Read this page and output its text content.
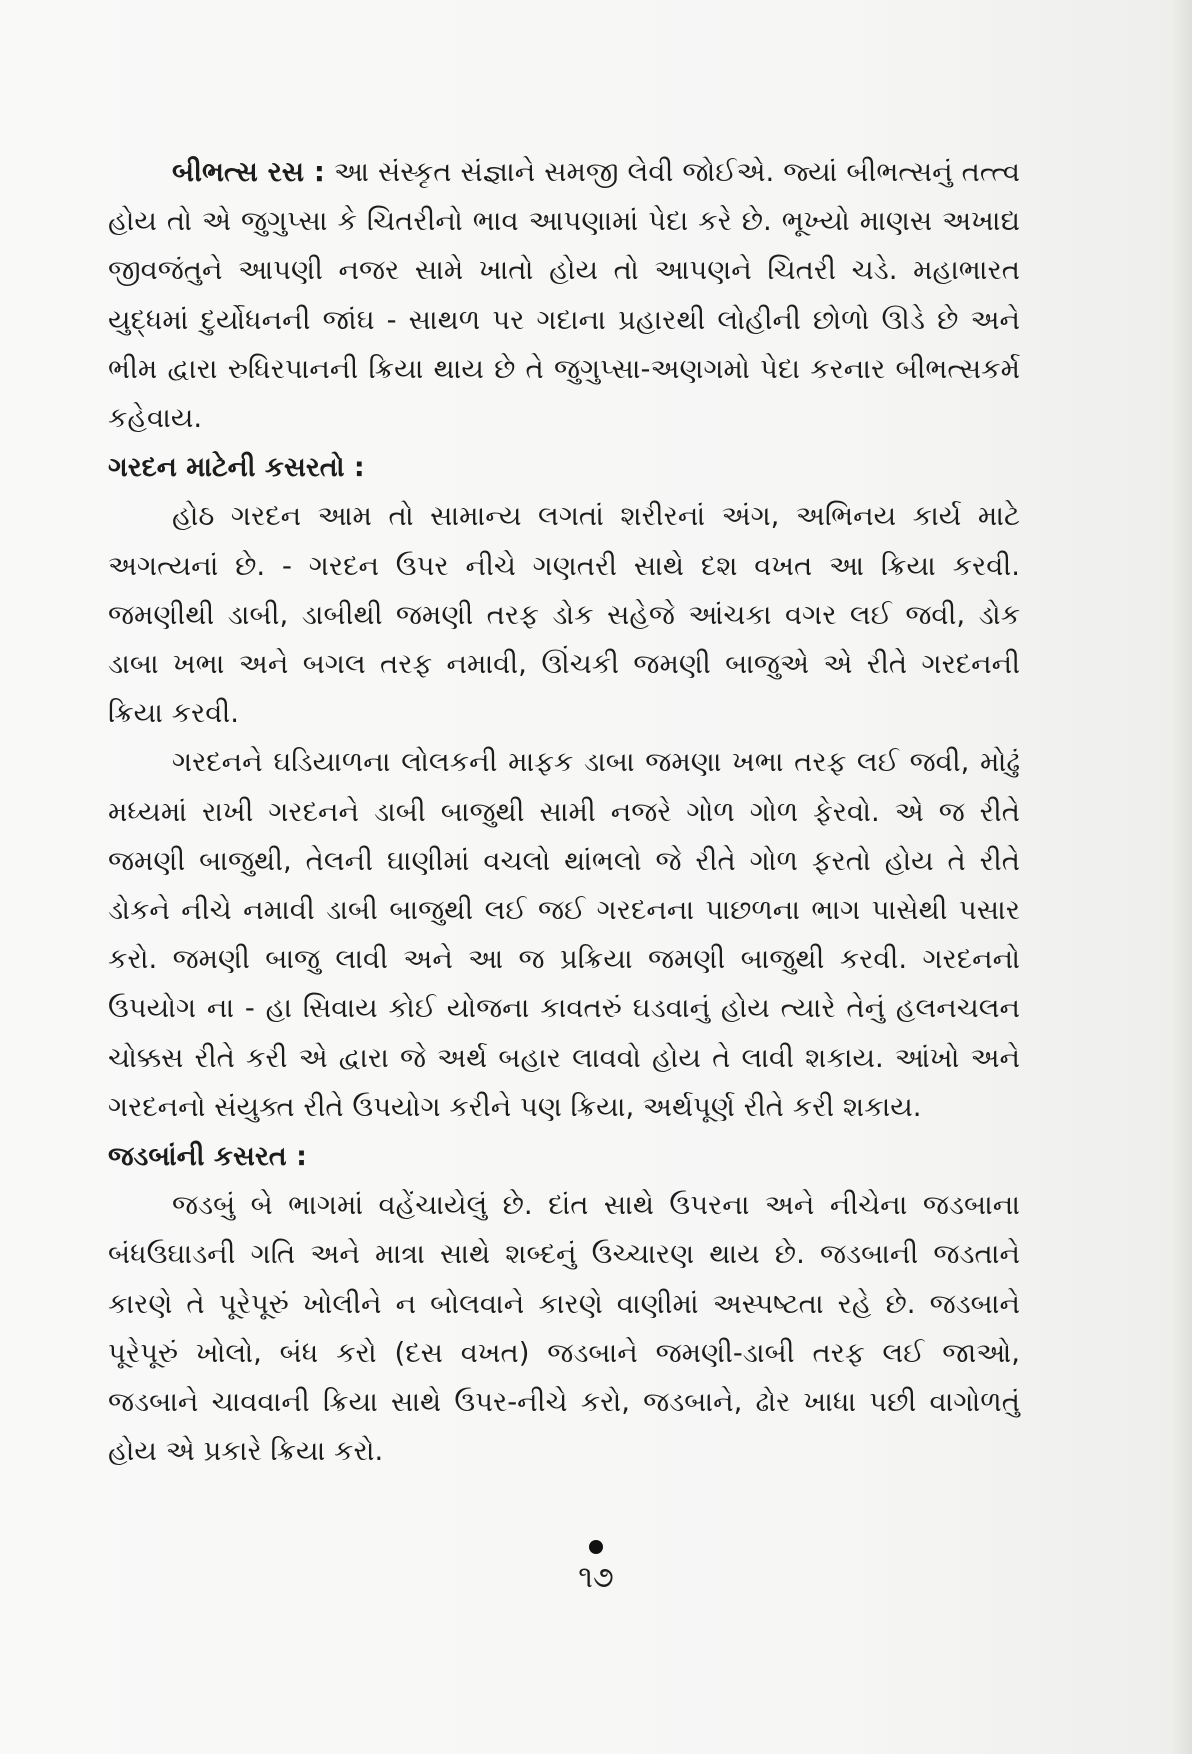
બીભત્સ રસ : આ સંસ્કૃત સંજ્ઞાને સમજી લેવી જોઈએ. જ્યાં બીભત્સનું તત્ત્વ હોય તો એ જુગુપ્સા કે ચિતરીનો ભાવ આપણામાં પેદા કરે છે. ભૂખ્યો માણસ અખાદ્ય જીવજંતુને આપણી નજર સામે ખાતો હોય તો આપણને ચિતરી ચડે. મહાભારત યુદ્ધમાં દુર્યોધનની જાંઘ - સાથળ પર ગદાના પ્રહારથી લોહીની છોળો ઊડે છે અને ભીમ દ્વારા રુધિરપાનની ક્રિયા થાય છે તે જુગુપ્સા-અણગમો પેદા કરનાર બીભત્સકર્મ કહેવાય.

ગરદન માટેની કસરતો :

હોઠ ગરદન આમ તો સામાન્ય લગતાં શરીરનાં અંગ, અભિનય કાર્ય માટે અગત્યનાં છે. - ગરદન ઉપર નીચે ગણતરી સાથે દશ વખત આ ક્રિયા કરવી. જમણીથી ડાબી, ડાબીથી જમણી તરફ ડોક સહેજે આંચકા વગર લઈ જવી, ડોક ડાબા ખભા અને બગલ તરફ નમાવી, ઊંચકી જમણી બાજુએ એ રીતે ગરદનની ક્રિયા કરવી.

ગરદનને ઘડિયાળના લોલકની માફક ડાબા જમણા ખભા તરફ લઈ જવી, મોઢું મધ્યમાં રાખી ગરદનને ડાબી બાજુથી સામી નજરે ગોળ ગોળ ફેરવો. એ જ રીતે જમણી બાજુથી, તેલની ઘાણીમાં વચલો થાંભલો જે રીતે ગોળ ફરતો હોય તે રીતે ડોકને નીચે નમાવી ડાબી બાજુથી લઈ જઈ ગરદનના પાછળના ભાગ પાસેથી પસાર કરો. જમણી બાજુ લાવી અને આ જ પ્રક્રિયા જમણી બાજુથી કરવી. ગરદનનો ઉપયોગ ના - હા સિવાય કોઈ યોજના કાવતરું ઘડવાનું હોય ત્યારે તેનું હલનચલન ચોક્કસ રીતે કરી એ દ્વારા જે અર્થ બહાર લાવવો હોય તે લાવી શકાય. આંખો અને ગરદનનો સંયુક્ત રીતે ઉપયોગ કરીને પણ ક્રિયા, અર્થપૂર્ણ રીતે કરી શકાય.

જડબાંની કસરત :

જડબું બે ભાગમાં વહેંચાયેલું છે. દાંત સાથે ઉપરના અને નીચેના જડબાના બંધઉઘાડની ગતિ અને માત્રા સાથે શબ્દનું ઉચ્ચારણ થાય છે. જડબાની જડતાને કારણે તે પૂરેપૂરું ખોલીને ન બોલવાને કારણે વાણીમાં અસ્પષ્ટતા રહે છે. જડબાને પૂરેપૂરું ખોલો, બંધ કરો (દસ વખત) જડબાને જમણી-ડાબી તરફ લઈ જાઓ, જડબાને ચાવવાની ક્રિયા સાથે ઉપર-નીચે કરો, જડબાને, ઢોર ખાધા પછી વાગોળતું હોય એ પ્રકારે ક્રિયા કરો.

૧૭
